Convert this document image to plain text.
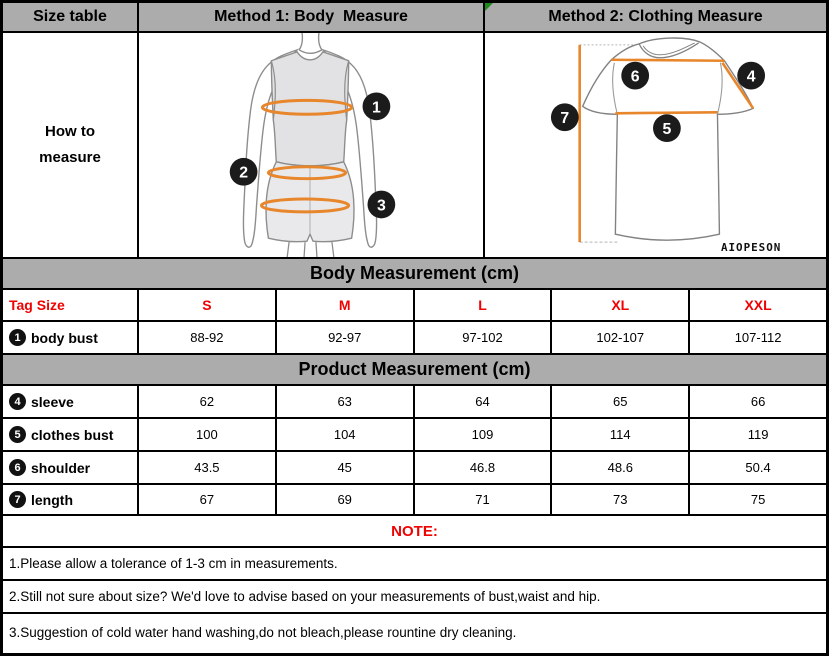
Size table	Method 1: Body  Measure	Method 2: Clothing Measure
How to measure
1
2
3
6	4
7
5
AIOPESON
Body Measurement (cm)
Tag Size	S	M	L	XL	XXL
1 body bust	88-92	92-97	97-102	102-107	107-112
Product Measurement (cm)
4 sleeve	62	63	64	65	66
5 clothes bust	100	104	109	114	119
6 shoulder	43.5	45	46.8	48.6	50.4
7 length	67	69	71	73	75
NOTE:
1.Please allow a tolerance of 1-3 cm in measurements.
2.Still not sure about size? We'd love to advise based on your measurements of bust,waist and hip.
3.Suggestion of cold water hand washing,do not bleach,please rountine dry cleaning.
